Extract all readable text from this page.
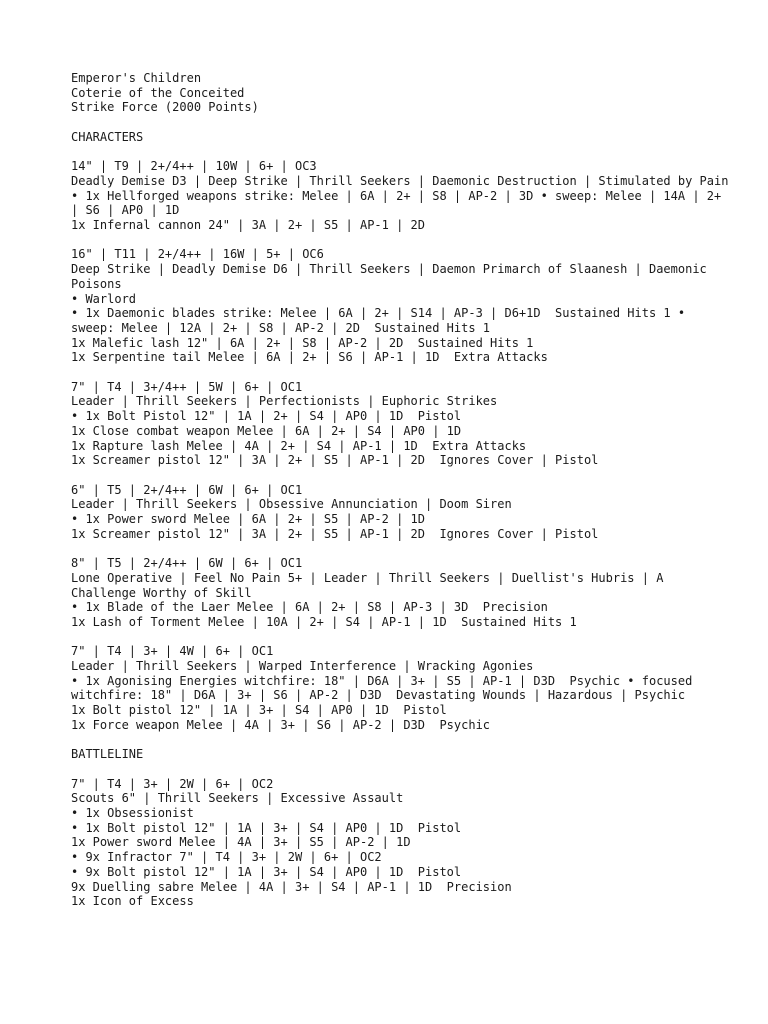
Emperor's Children

Coterie of the Conceited

Strike Force (2000 Points)

CHARACTERS

14" | T9 | 2+/4++ | 10W | 6+ | OC3

Deadly Demise D3 | Deep Strike | Thrill Seekers | Daemonic Destruction | Stimulated by Pain

• 1x Hellforged weapons strike: Melee | 6A | 2+ | S8 | AP-2 | 3D • sweep: Melee | 14A | 2+ | S6 | AP0 | 1D

1x Infernal cannon 24" | 3A | 2+ | S5 | AP-1 | 2D

16" | T11 | 2+/4++ | 16W | 5+ | OC6

Deep Strike | Deadly Demise D6 | Thrill Seekers | Daemon Primarch of Slaanesh | Daemonic Poisons

• Warlord

• 1x Daemonic blades strike: Melee | 6A | 2+ | S14 | AP-3 | D6+1D  Sustained Hits 1 • sweep: Melee | 12A | 2+ | S8 | AP-2 | 2D  Sustained Hits 1

1x Malefic lash 12" | 6A | 2+ | S8 | AP-2 | 2D  Sustained Hits 1

1x Serpentine tail Melee | 6A | 2+ | S6 | AP-1 | 1D  Extra Attacks

7" | T4 | 3+/4++ | 5W | 6+ | OC1

Leader | Thrill Seekers | Perfectionists | Euphoric Strikes

• 1x Bolt Pistol 12" | 1A | 2+ | S4 | AP0 | 1D  Pistol

1x Close combat weapon Melee | 6A | 2+ | S4 | AP0 | 1D

1x Rapture lash Melee | 4A | 2+ | S4 | AP-1 | 1D  Extra Attacks

1x Screamer pistol 12" | 3A | 2+ | S5 | AP-1 | 2D  Ignores Cover | Pistol

6" | T5 | 2+/4++ | 6W | 6+ | OC1

Leader | Thrill Seekers | Obsessive Annunciation | Doom Siren

• 1x Power sword Melee | 6A | 2+ | S5 | AP-2 | 1D

1x Screamer pistol 12" | 3A | 2+ | S5 | AP-1 | 2D  Ignores Cover | Pistol

8" | T5 | 2+/4++ | 6W | 6+ | OC1

Lone Operative | Feel No Pain 5+ | Leader | Thrill Seekers | Duellist's Hubris | A Challenge Worthy of Skill

• 1x Blade of the Laer Melee | 6A | 2+ | S8 | AP-3 | 3D  Precision

1x Lash of Torment Melee | 10A | 2+ | S4 | AP-1 | 1D  Sustained Hits 1

7" | T4 | 3+ | 4W | 6+ | OC1

Leader | Thrill Seekers | Warped Interference | Wracking Agonies

• 1x Agonising Energies witchfire: 18" | D6A | 3+ | S5 | AP-1 | D3D  Psychic • focused witchfire: 18" | D6A | 3+ | S6 | AP-2 | D3D  Devastating Wounds | Hazardous | Psychic

1x Bolt pistol 12" | 1A | 3+ | S4 | AP0 | 1D  Pistol

1x Force weapon Melee | 4A | 3+ | S6 | AP-2 | D3D  Psychic

BATTLELINE

7" | T4 | 3+ | 2W | 6+ | OC2

Scouts 6" | Thrill Seekers | Excessive Assault

• 1x Obsessionist

• 1x Bolt pistol 12" | 1A | 3+ | S4 | AP0 | 1D  Pistol

1x Power sword Melee | 4A | 3+ | S5 | AP-2 | 1D

• 9x Infractor 7" | T4 | 3+ | 2W | 6+ | OC2

• 9x Bolt pistol 12" | 1A | 3+ | S4 | AP0 | 1D  Pistol

9x Duelling sabre Melee | 4A | 3+ | S4 | AP-1 | 1D  Precision

1x Icon of Excess
